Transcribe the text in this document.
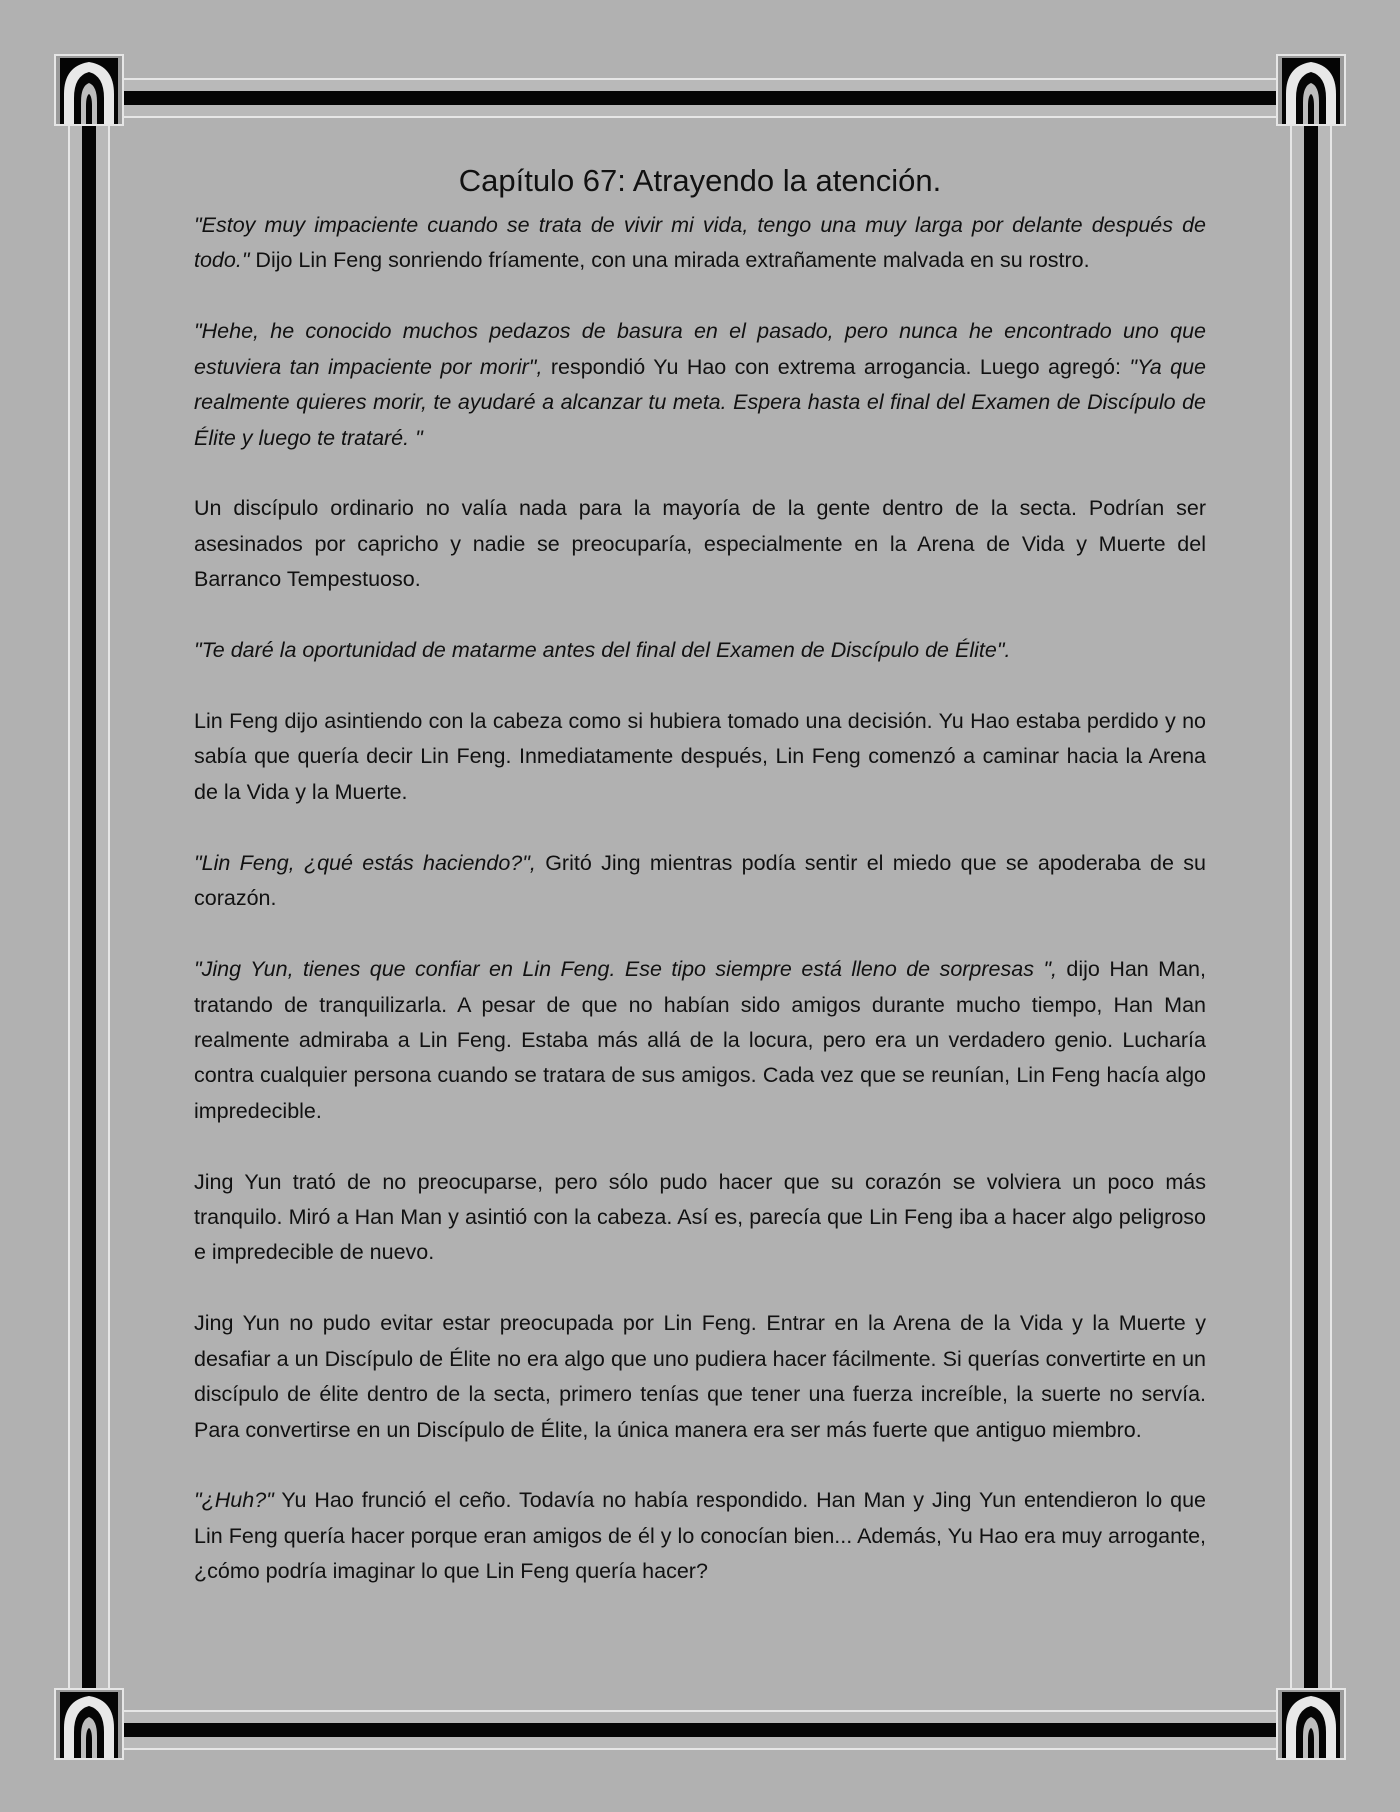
Capítulo 67: Atrayendo la atención.

"Estoy muy impaciente cuando se trata de vivir mi vida, tengo una muy larga por delante después de todo." Dijo Lin Feng sonriendo fríamente, con una mirada extrañamente malvada en su rostro.

"Hehe, he conocido muchos pedazos de basura en el pasado, pero nunca he encontrado uno que estuviera tan impaciente por morir", respondió Yu Hao con extrema arrogancia. Luego agregó: "Ya que realmente quieres morir, te ayudaré a alcanzar tu meta. Espera hasta el final del Examen de Discípulo de Élite y luego te trataré. "

Un discípulo ordinario no valía nada para la mayoría de la gente dentro de la secta. Podrían ser asesinados por capricho y nadie se preocuparía, especialmente en la Arena de Vida y Muerte del Barranco Tempestuoso.

"Te daré la oportunidad de matarme antes del final del Examen de Discípulo de Élite".

Lin Feng dijo asintiendo con la cabeza como si hubiera tomado una decisión. Yu Hao estaba perdido y no sabía que quería decir Lin Feng. Inmediatamente después, Lin Feng comenzó a caminar hacia la Arena de la Vida y la Muerte.

"Lin Feng, ¿qué estás haciendo?", Gritó Jing mientras podía sentir el miedo que se apoderaba de su corazón.

"Jing Yun, tienes que confiar en Lin Feng. Ese tipo siempre está lleno de sorpresas ", dijo Han Man, tratando de tranquilizarla. A pesar de que no habían sido amigos durante mucho tiempo, Han Man realmente admiraba a Lin Feng. Estaba más allá de la locura, pero era un verdadero genio. Lucharía contra cualquier persona cuando se tratara de sus amigos. Cada vez que se reunían, Lin Feng hacía algo impredecible.

Jing Yun trató de no preocuparse, pero sólo pudo hacer que su corazón se volviera un poco más tranquilo. Miró a Han Man y asintió con la cabeza. Así es, parecía que Lin Feng iba a hacer algo peligroso e impredecible de nuevo.

Jing Yun no pudo evitar estar preocupada por Lin Feng. Entrar en la Arena de la Vida y la Muerte y desafiar a un Discípulo de Élite no era algo que uno pudiera hacer fácilmente. Si querías convertirte en un discípulo de élite dentro de la secta, primero tenías que tener una fuerza increíble, la suerte no servía. Para convertirse en un Discípulo de Élite, la única manera era ser más fuerte que antiguo miembro.

"¿Huh?" Yu Hao frunció el ceño. Todavía no había respondido. Han Man y Jing Yun entendieron lo que Lin Feng quería hacer porque eran amigos de él y lo conocían bien... Además, Yu Hao era muy arrogante, ¿cómo podría imaginar lo que Lin Feng quería hacer?
